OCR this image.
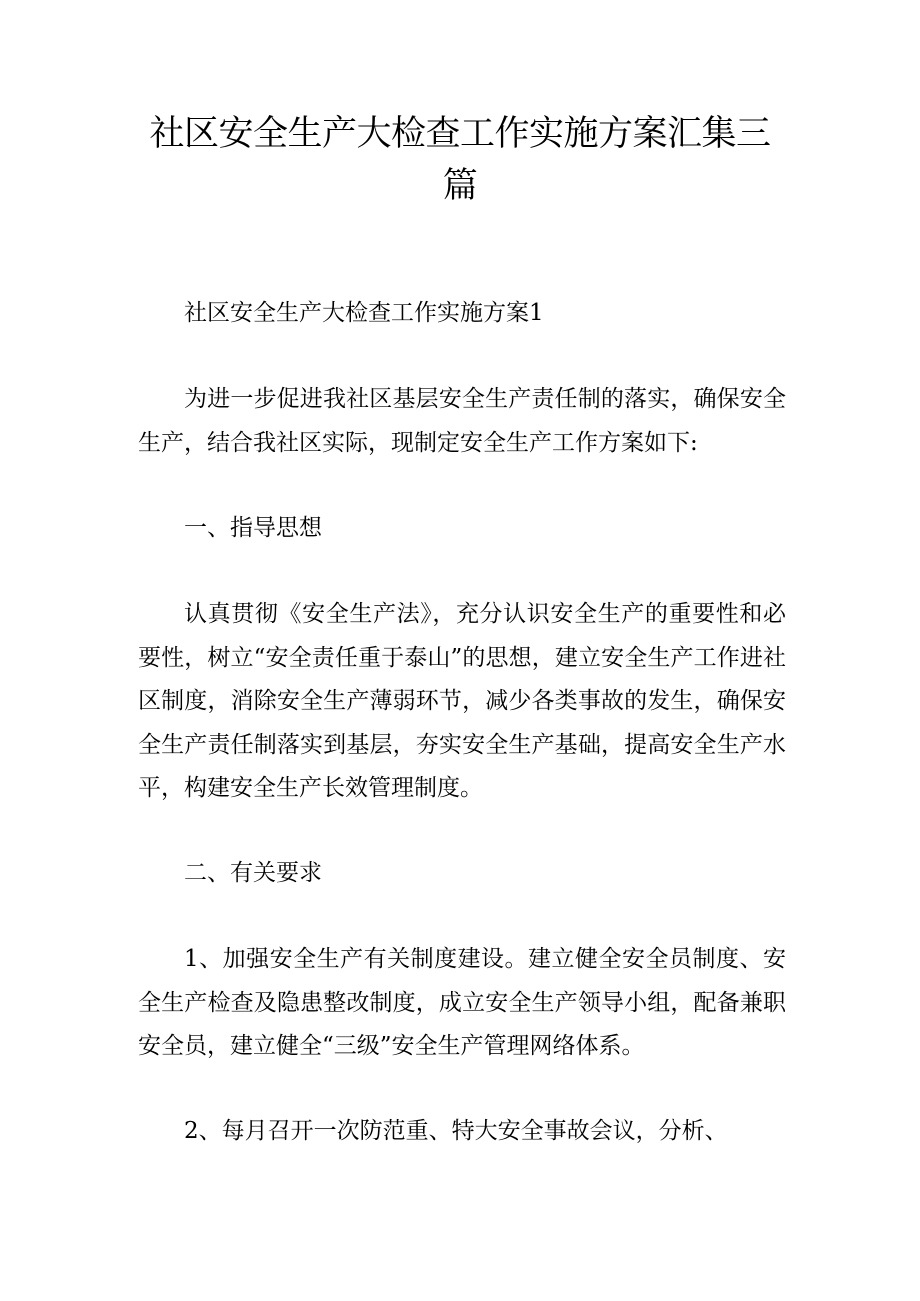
社区安全生产大检查工作实施方案汇集三篇

社区安全生产大检查工作实施方案1

为进一步促进我社区基层安全生产责任制的落实，确保安全生产，结合我社区实际，现制定安全生产工作方案如下:

一、指导思想

认真贯彻《安全生产法》，充分认识安全生产的重要性和必要性，树立“安全责任重于泰山”的思想，建立安全生产工作进社区制度，消除安全生产薄弱环节，减少各类事故的发生，确保安全生产责任制落实到基层，夯实安全生产基础，提高安全生产水平，构建安全生产长效管理制度。

二、有关要求

1、加强安全生产有关制度建设。建立健全安全员制度、安全生产检查及隐患整改制度，成立安全生产领导小组，配备兼职安全员，建立健全“三级”安全生产管理网络体系。

2、每月召开一次防范重、特大安全事故会议，分析、
